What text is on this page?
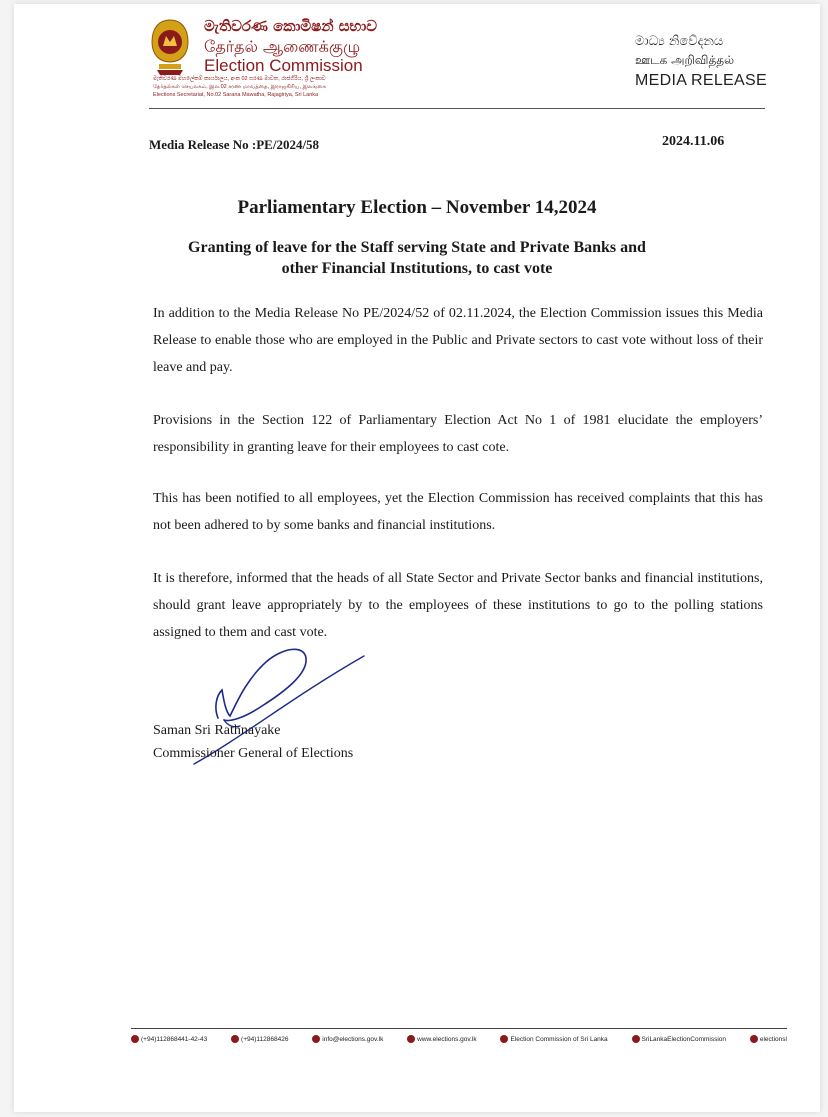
මැතිවරණ කොමිෂන් සභාව
தேர்தல் ஆணைக்குழு
Election Commission
මැතිවරණ මහලේකම් කාර්යාලය, අංක 02 සරණ මාවත, රාජගිරිය, ශ්‍රී ලංකාව
தேர்தல்கள் செயலகம், இல.02 சரண மாவத்தை, இராஜகிரிய, இலங்கை
Elections Secretariat, No.02 Sarana Mawatha, Rajagiriya, Sri Lanka
මාධ්‍ය නිවේදනය
ஊடக அறிவித்தல்
MEDIA RELEASE
Media Release No :PE/2024/58	2024.11.06
Parliamentary Election – November 14,2024
Granting of leave for the Staff serving State and Private Banks and
other Financial Institutions, to cast vote

In addition to the Media Release No PE/2024/52 of 02.11.2024, the Election Commission issues this Media Release to enable those who are employed in the Public and Private sectors to cast vote without loss of their leave and pay.

Provisions in the Section 122 of Parliamentary Election Act No 1 of 1981 elucidate the employers’ responsibility in granting leave for their employees to cast cote.

This has been notified to all employees, yet the Election Commission has received complaints that this has not been adhered to by some banks and financial institutions.

It is therefore, informed that the heads of all State Sector and Private Sector banks and financial institutions, should grant leave appropriately by to the employees of these institutions to go to the polling stations assigned to them and cast vote.

Saman Sri Rathnayake
Commissioner General of Elections
(+94)112868441-42-43	(+94)112868426	info@elections.gov.lk	www.elections.gov.lk	Election Commission of Sri Lanka	SriLankaElectionCommission	electionsl
